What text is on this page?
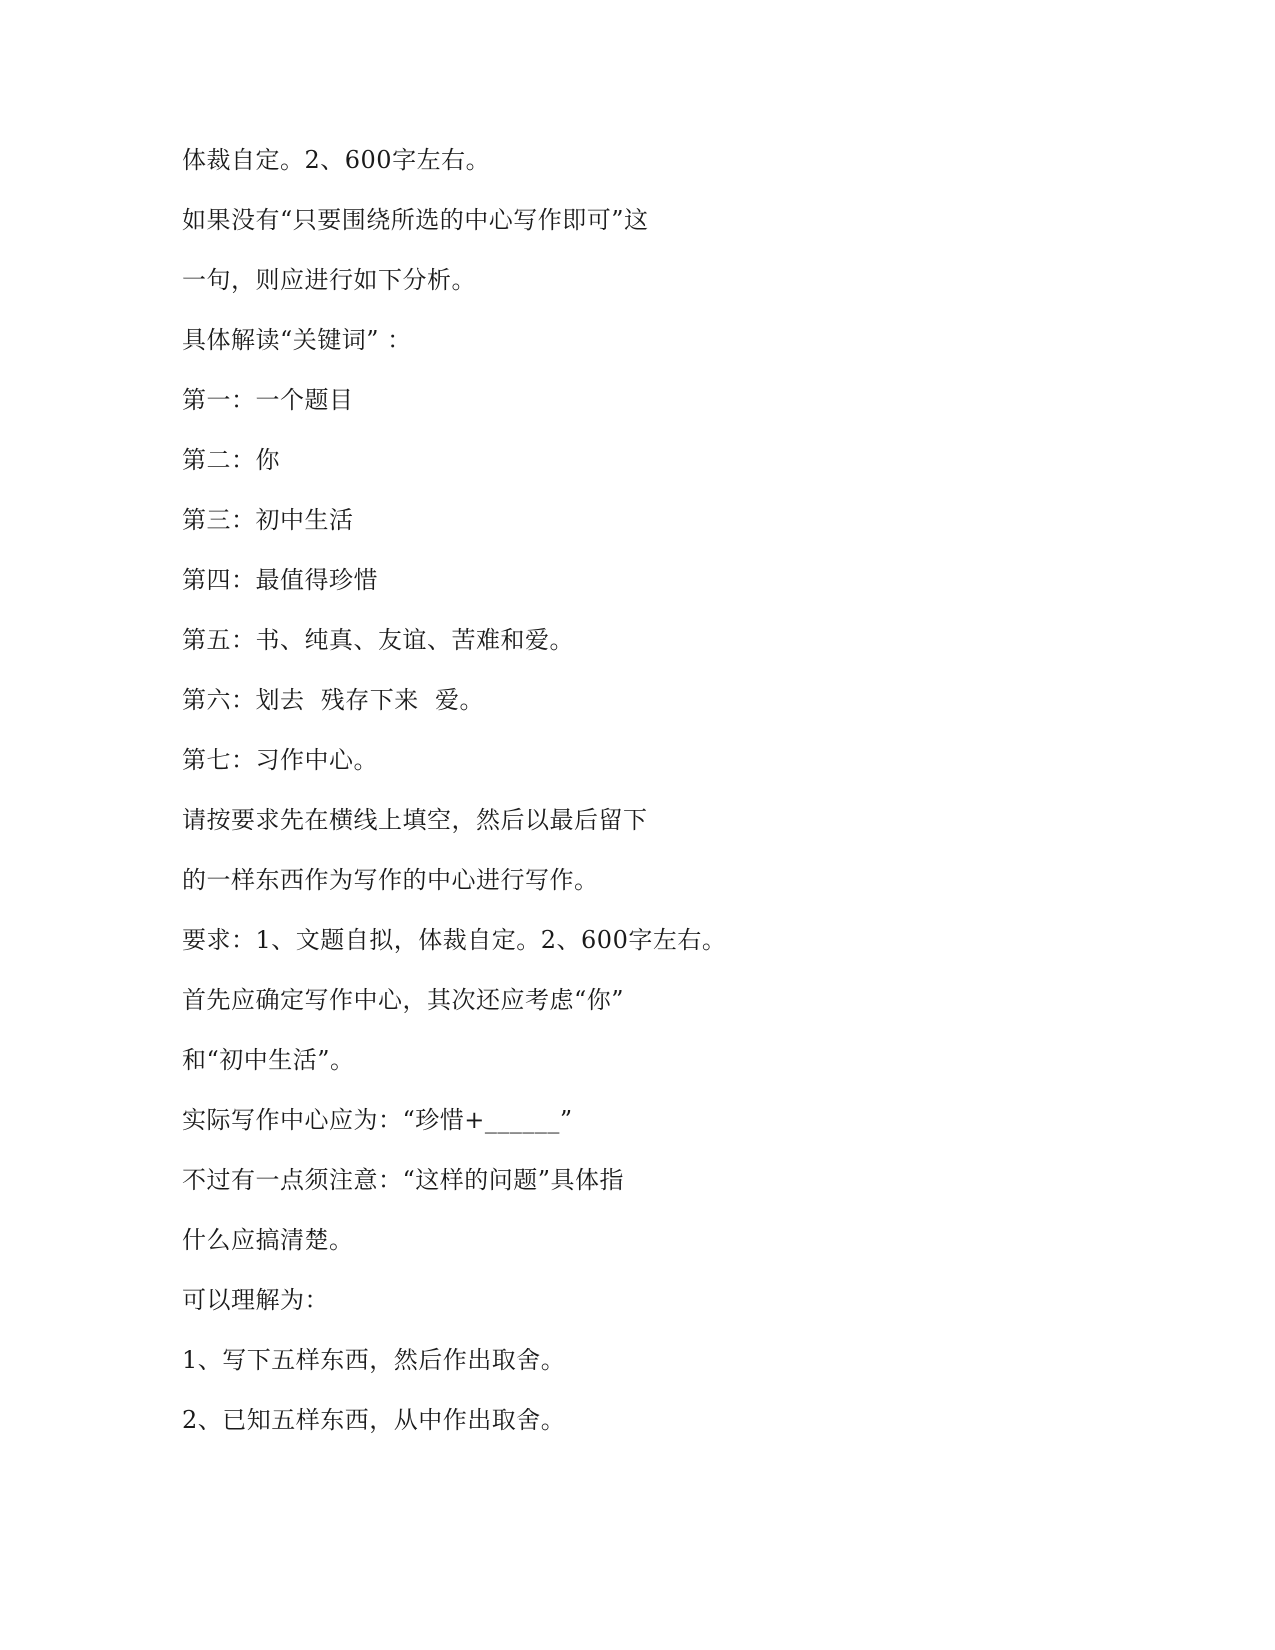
体裁自定。2、600字左右。
如果没有“只要围绕所选的中心写作即可”这
一句，则应进行如下分析。
具体解读“关键词” ：
第一：一个题目
第二：你
第三：初中生活
第四：最值得珍惜
第五：书、纯真、友谊、苦难和爱。
第六：划去  残存下来  爱。
第七：习作中心。
请按要求先在横线上填空，然后以最后留下
的一样东西作为写作的中心进行写作。
要求：1、文题自拟，体裁自定。2、600字左右。
首先应确定写作中心，其次还应考虑“你”
和“初中生活”。
实际写作中心应为：“珍惜+______”
不过有一点须注意：“这样的问题”具体指
什么应搞清楚。
可以理解为：
1、写下五样东西，然后作出取舍。
2、已知五样东西，从中作出取舍。
